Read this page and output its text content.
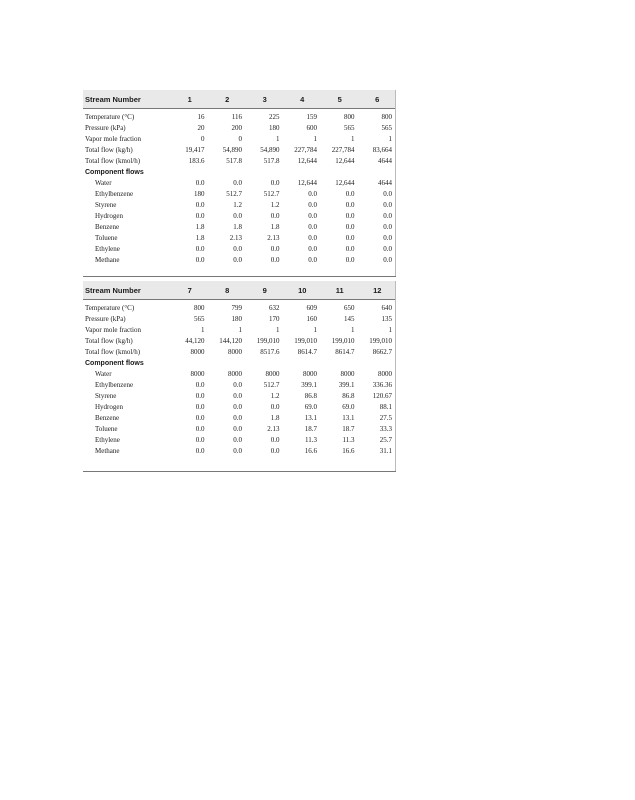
Stream Number	1	2	3	4	5	6
Temperature (°C)	16	116	225	159	800	800
Pressure (kPa)	20	200	180	600	565	565
Vapor mole fraction	0	0	1	1	1	1
Total flow (kg/h)	19,417	54,890	54,890	227,784	227,784	83,664
Total flow (kmol/h)	183.6	517.8	517.8	12,644	12,644	4644
Component flows						
Water	0.0	0.0	0.0	12,644	12,644	4644
Ethylbenzene	180	512.7	512.7	0.0	0.0	0.0
Styrene	0.0	1.2	1.2	0.0	0.0	0.0
Hydrogen	0.0	0.0	0.0	0.0	0.0	0.0
Benzene	1.8	1.8	1.8	0.0	0.0	0.0
Toluene	1.8	2.13	2.13	0.0	0.0	0.0
Ethylene	0.0	0.0	0.0	0.0	0.0	0.0
Methane	0.0	0.0	0.0	0.0	0.0	0.0
Stream Number	7	8	9	10	11	12
Temperature (°C)	800	799	632	609	650	640
Pressure (kPa)	565	180	170	160	145	135
Vapor mole fraction	1	1	1	1	1	1
Total flow (kg/h)	44,120	144,120	199,010	199,010	199,010	199,010
Total flow (kmol/h)	8000	8000	8517.6	8614.7	8614.7	8662.7
Component flows						
Water	8000	8000	8000	8000	8000	8000
Ethylbenzene	0.0	0.0	512.7	399.1	399.1	336.36
Styrene	0.0	0.0	1.2	86.8	86.8	120.67
Hydrogen	0.0	0.0	0.0	69.0	69.0	88.1
Benzene	0.0	0.0	1.8	13.1	13.1	27.5
Toluene	0.0	0.0	2.13	18.7	18.7	33.3
Ethylene	0.0	0.0	0.0	11.3	11.3	25.7
Methane	0.0	0.0	0.0	16.6	16.6	31.1
